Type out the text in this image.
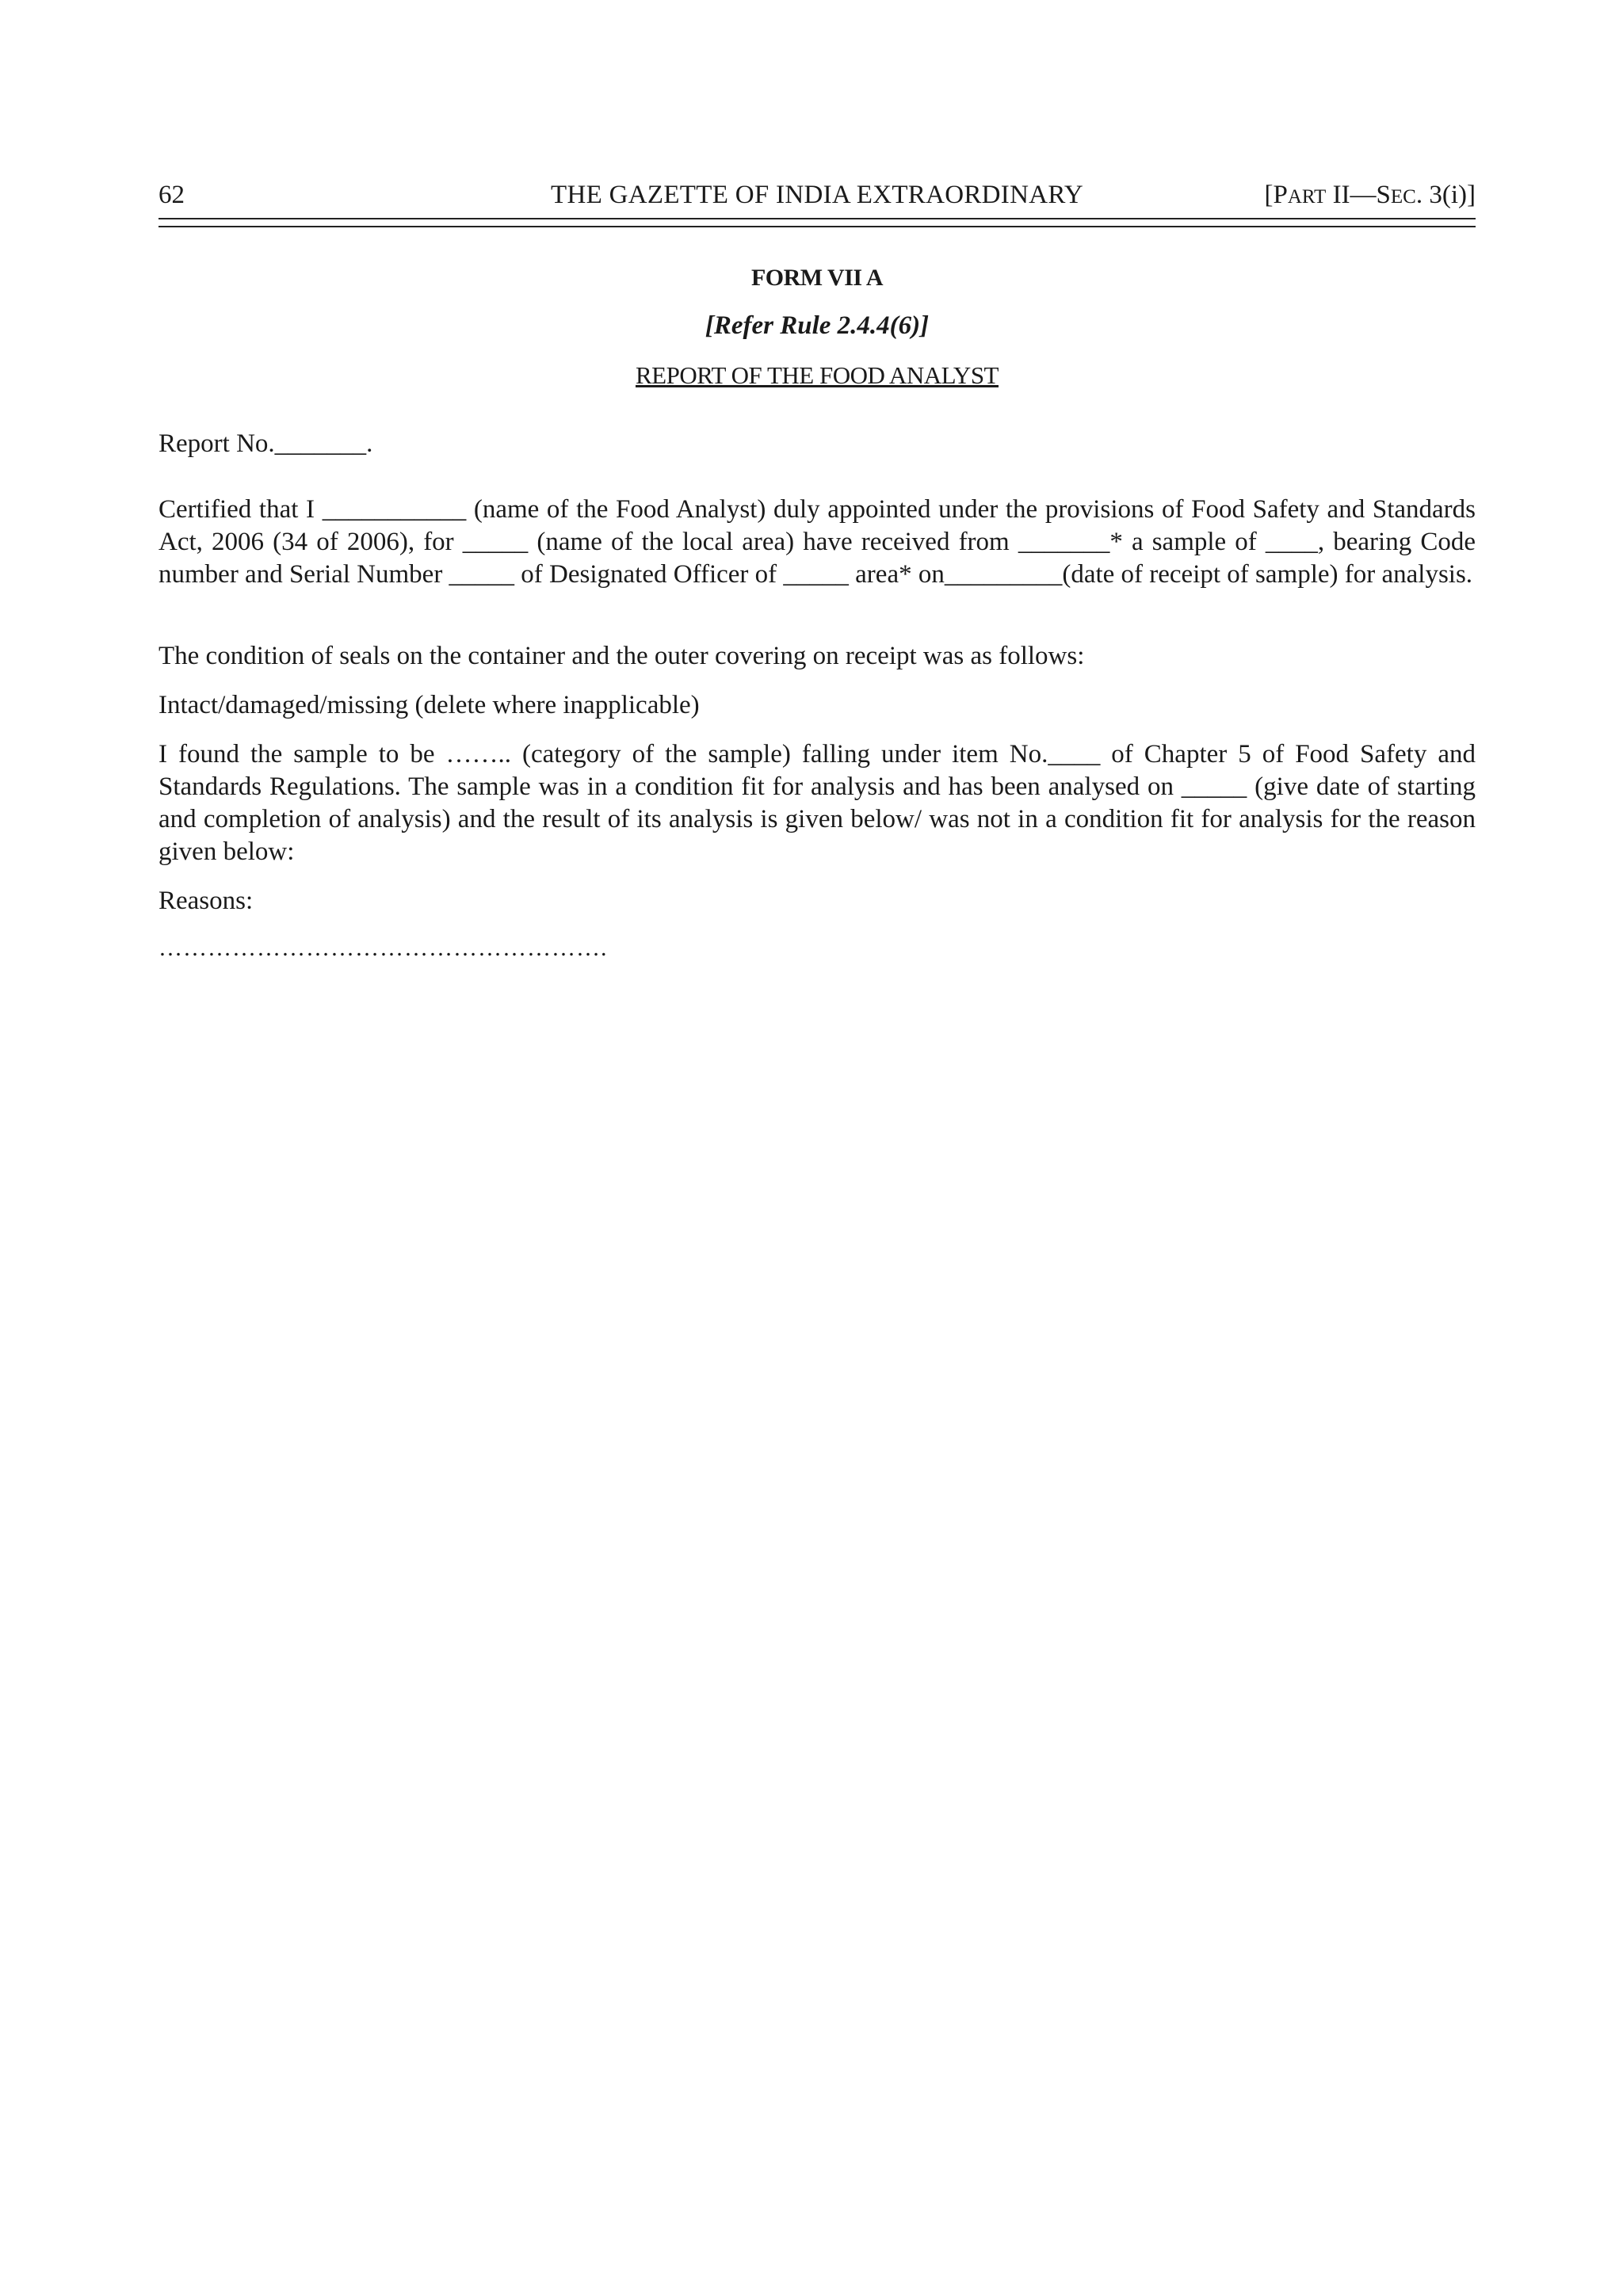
62	THE GAZETTE OF INDIA EXTRAORDINARY	[PART II—SEC. 3(i)]
FORM VII A
[Refer Rule 2.4.4(6)]
REPORT OF THE FOOD ANALYST
Report No._______.
Certified that I ___________ (name of the Food Analyst) duly appointed under the provisions of Food Safety and Standards Act, 2006 (34 of 2006), for _____ (name of the local area) have received from _______* a sample of ____, bearing Code number and Serial Number _____ of Designated Officer of _____ area* on_________(date of receipt of sample) for analysis.
The condition of seals on the container and the outer covering on receipt was as follows:
Intact/damaged/missing (delete where inapplicable)
I found the sample to be …….. (category of the sample) falling under item No.____ of Chapter 5 of Food Safety and Standards Regulations. The sample was in a condition fit for analysis and has been analysed on _____ (give date of starting and completion of analysis) and the result of its analysis is given below/ was not in a condition fit for analysis for the reason given below:
Reasons:
……………………………………………….
